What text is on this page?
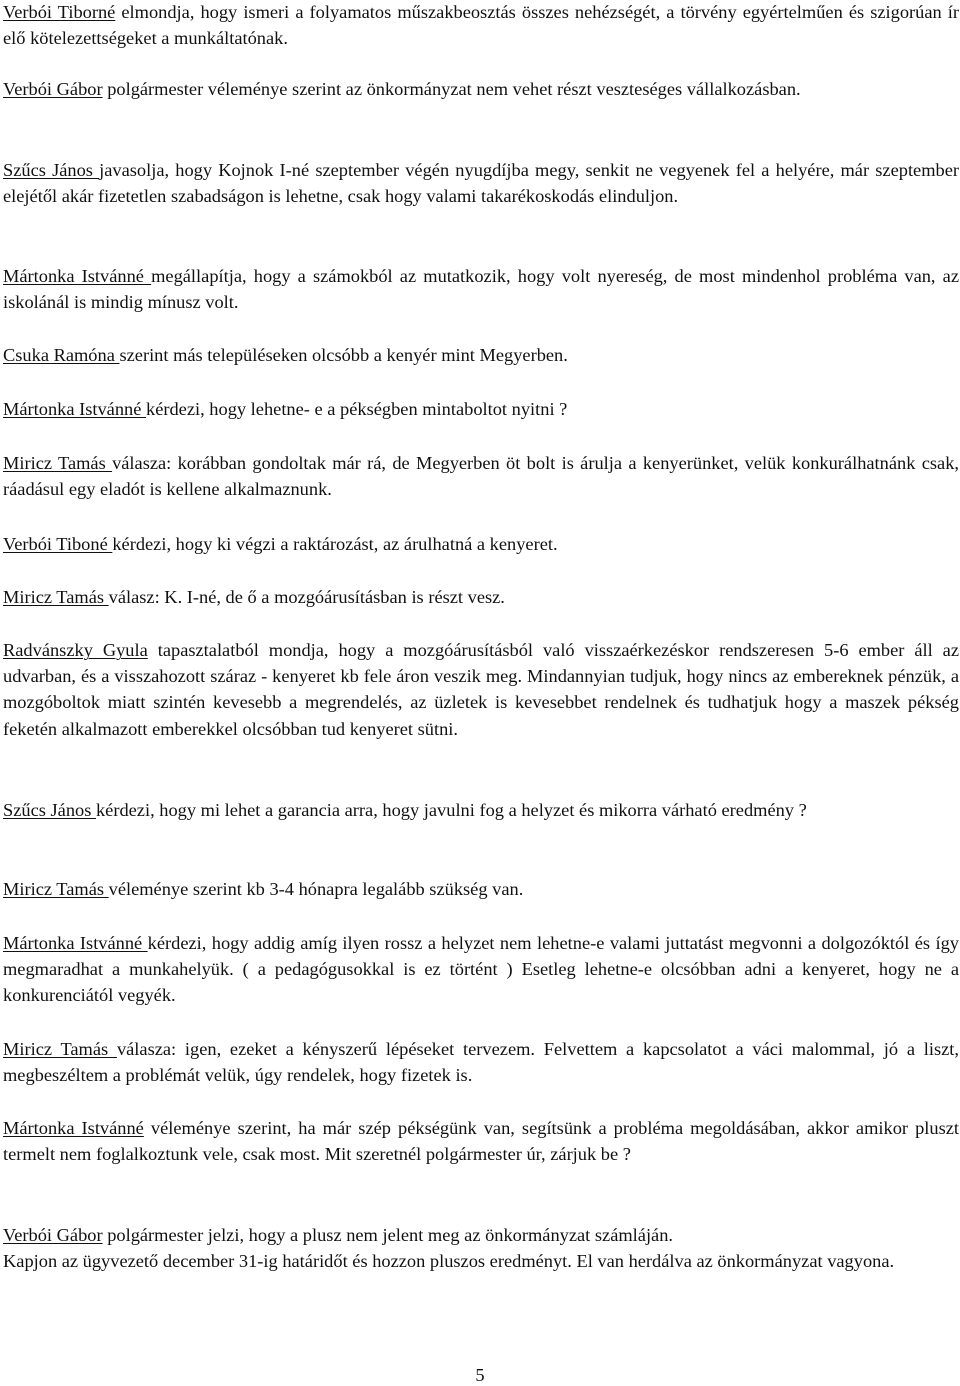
Verbói Tiborné elmondja, hogy ismeri a folyamatos műszakbeosztás összes nehézségét, a törvény egyértelműen és szigorúan ír elő kötelezettségeket a munkáltatónak.

Verbói Gábor polgármester véleménye szerint az önkormányzat nem vehet részt veszteséges vállalkozásban.

Szűcs János javasolja, hogy Kojnok I-né szeptember végén nyugdíjba megy, senkit ne vegyenek fel a helyére, már szeptember elejétől akár fizetetlen szabadságon is lehetne, csak hogy valami takarékoskodás elinduljon.

Mártonka Istvánné megállapítja, hogy a számokból az mutatkozik, hogy volt nyereség, de most mindenhol probléma van, az iskolánál is mindig mínusz volt.

Csuka Ramóna szerint más településeken olcsóbb a kenyér mint Megyerben.

Mártonka Istvánné kérdezi, hogy lehetne- e a pékségben mintaboltot nyitni ?

Miricz Tamás válasza: korábban gondoltak már rá, de Megyerben öt bolt is árulja a kenyerünket, velük konkurálhatnánk csak, ráadásul egy eladót is kellene alkalmaznunk.

Verbói Tiboné kérdezi, hogy ki végzi a raktározást, az árulhatná a kenyeret.

Miricz Tamás válasz: K. I-né, de ő a mozgóárusításban is részt vesz.

Radvánszky Gyula tapasztalatból mondja, hogy a mozgóárusításból való visszaérkezéskor rendszeresen 5-6 ember áll az udvarban, és a visszahozott száraz - kenyeret kb fele áron veszik meg. Mindannyian tudjuk, hogy nincs az embereknek pénzük, a mozgóboltok miatt szintén kevesebb a megrendelés, az üzletek is kevesebbet rendelnek és tudhatjuk hogy a maszek pékség feketén alkalmazott emberekkel olcsóbban tud kenyeret sütni.

Szűcs János kérdezi, hogy mi lehet a garancia arra, hogy javulni fog a helyzet és mikorra várható eredmény ?

Miricz Tamás véleménye szerint kb 3-4 hónapra legalább szükség van.

Mártonka Istvánné kérdezi, hogy addig amíg ilyen rossz a helyzet nem lehetne-e valami juttatást megvonni a dolgozóktól és így megmaradhat a munkahelyük. ( a pedagógusokkal is ez történt ) Esetleg lehetne-e olcsóbban adni a kenyeret, hogy ne a konkurenciától vegyék.

Miricz Tamás válasza: igen, ezeket a kényszerű lépéseket tervezem. Felvettem a kapcsolatot a váci malommal, jó a liszt, megbeszéltem a problémát velük, úgy rendelek, hogy fizetek is.

Mártonka Istvánné véleménye szerint, ha már szép pékségünk van, segítsünk a probléma megoldásában, akkor amikor pluszt termelt nem foglalkoztunk vele, csak most. Mit szeretnél polgármester úr, zárjuk be ?

Verbói Gábor polgármester jelzi, hogy a plusz nem jelent meg az önkormányzat számláján.

Kapjon az ügyvezető december 31-ig határidőt és hozzon pluszos eredményt. El van herdálva az önkormányzat vagyona.

5
